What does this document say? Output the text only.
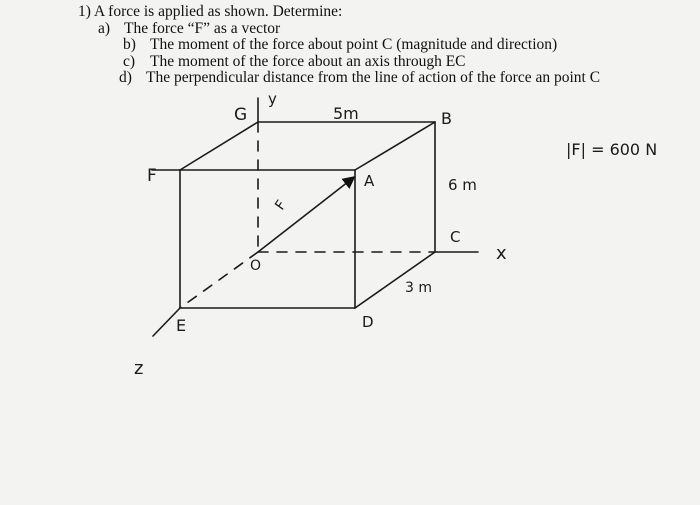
1) A force is applied as shown. Determine:

a) The force “F” as a vector
b) The moment of the force about point C (magnitude and direction)
c) The moment of the force about an axis through EC
d) The perpendicular distance from the line of action of the force an point C
G
y
5m	B
F	A	6 m
F
C
x
O
3 m
E	D
z
|F| = 600 N
